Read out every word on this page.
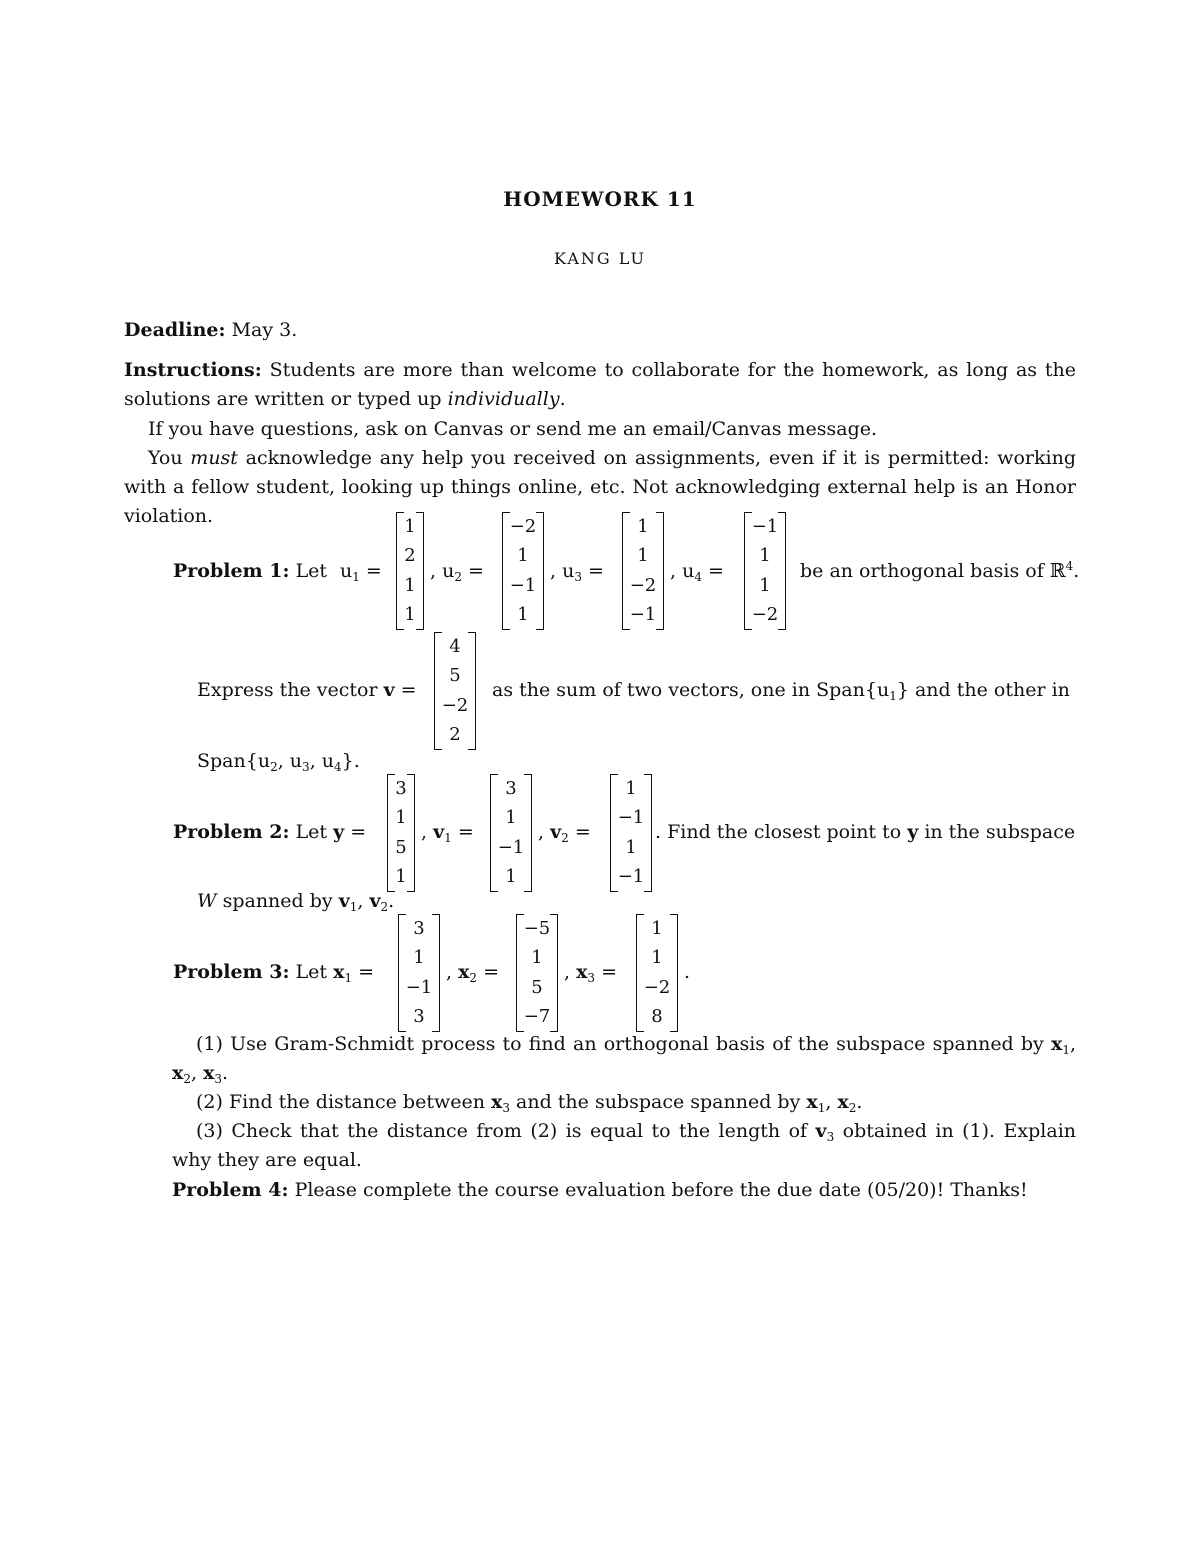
HOMEWORK 11
KANG LU
Deadline: May 3.
Instructions: Students are more than welcome to collaborate for the homework, as long as the solutions are written or typed up individually.
If you have questions, ask on Canvas or send me an email/Canvas message.
You must acknowledge any help you received on assignments, even if it is permitted: working with a fellow student, looking up things online, etc. Not acknowledging external help is an Honor violation.
Problem 1: Let $u_1$ =
1
2
1
1
, $u_2$ =
−2
1
−1
1
, $u_3$ =
1
1
−2
−1
, $u_4$ =
−1
1
1
−2
be an orthogonal basis of ℝ$^4$.
Express the vector v =
4
5
−2
2
as the sum of two vectors, one in $Span\{u_1\}$ and the other in
$Span\{u_2$, $u_3$, $u_4$}.
Problem 2: Let y =
3
1
5
1
, $v_1$ =
3
1
−1
1
, $v_2$ =
1
−1
1
−1
. Find the closest point to y in the subspace
W spanned by $v_1$, $v_2$.
Problem 3: Let $x_1$ =
3
1
−1
3
, $x_2$ =
−5
1
5
−7
, $x_3$ =
1
1
−2
8
.
(1) Use Gram-Schmidt process to find an orthogonal basis of the subspace spanned by $x_1$, $x_2$, $x_3$.
(2) Find the distance between $x_3$ and the subspace spanned by $x_1$, $x_2$.
(3) Check that the distance from (2) is equal to the length of $v_3$ obtained in (1). Explain why they are equal.
Problem 4: Please complete the course evaluation before the due date (05/20)! Thanks!
